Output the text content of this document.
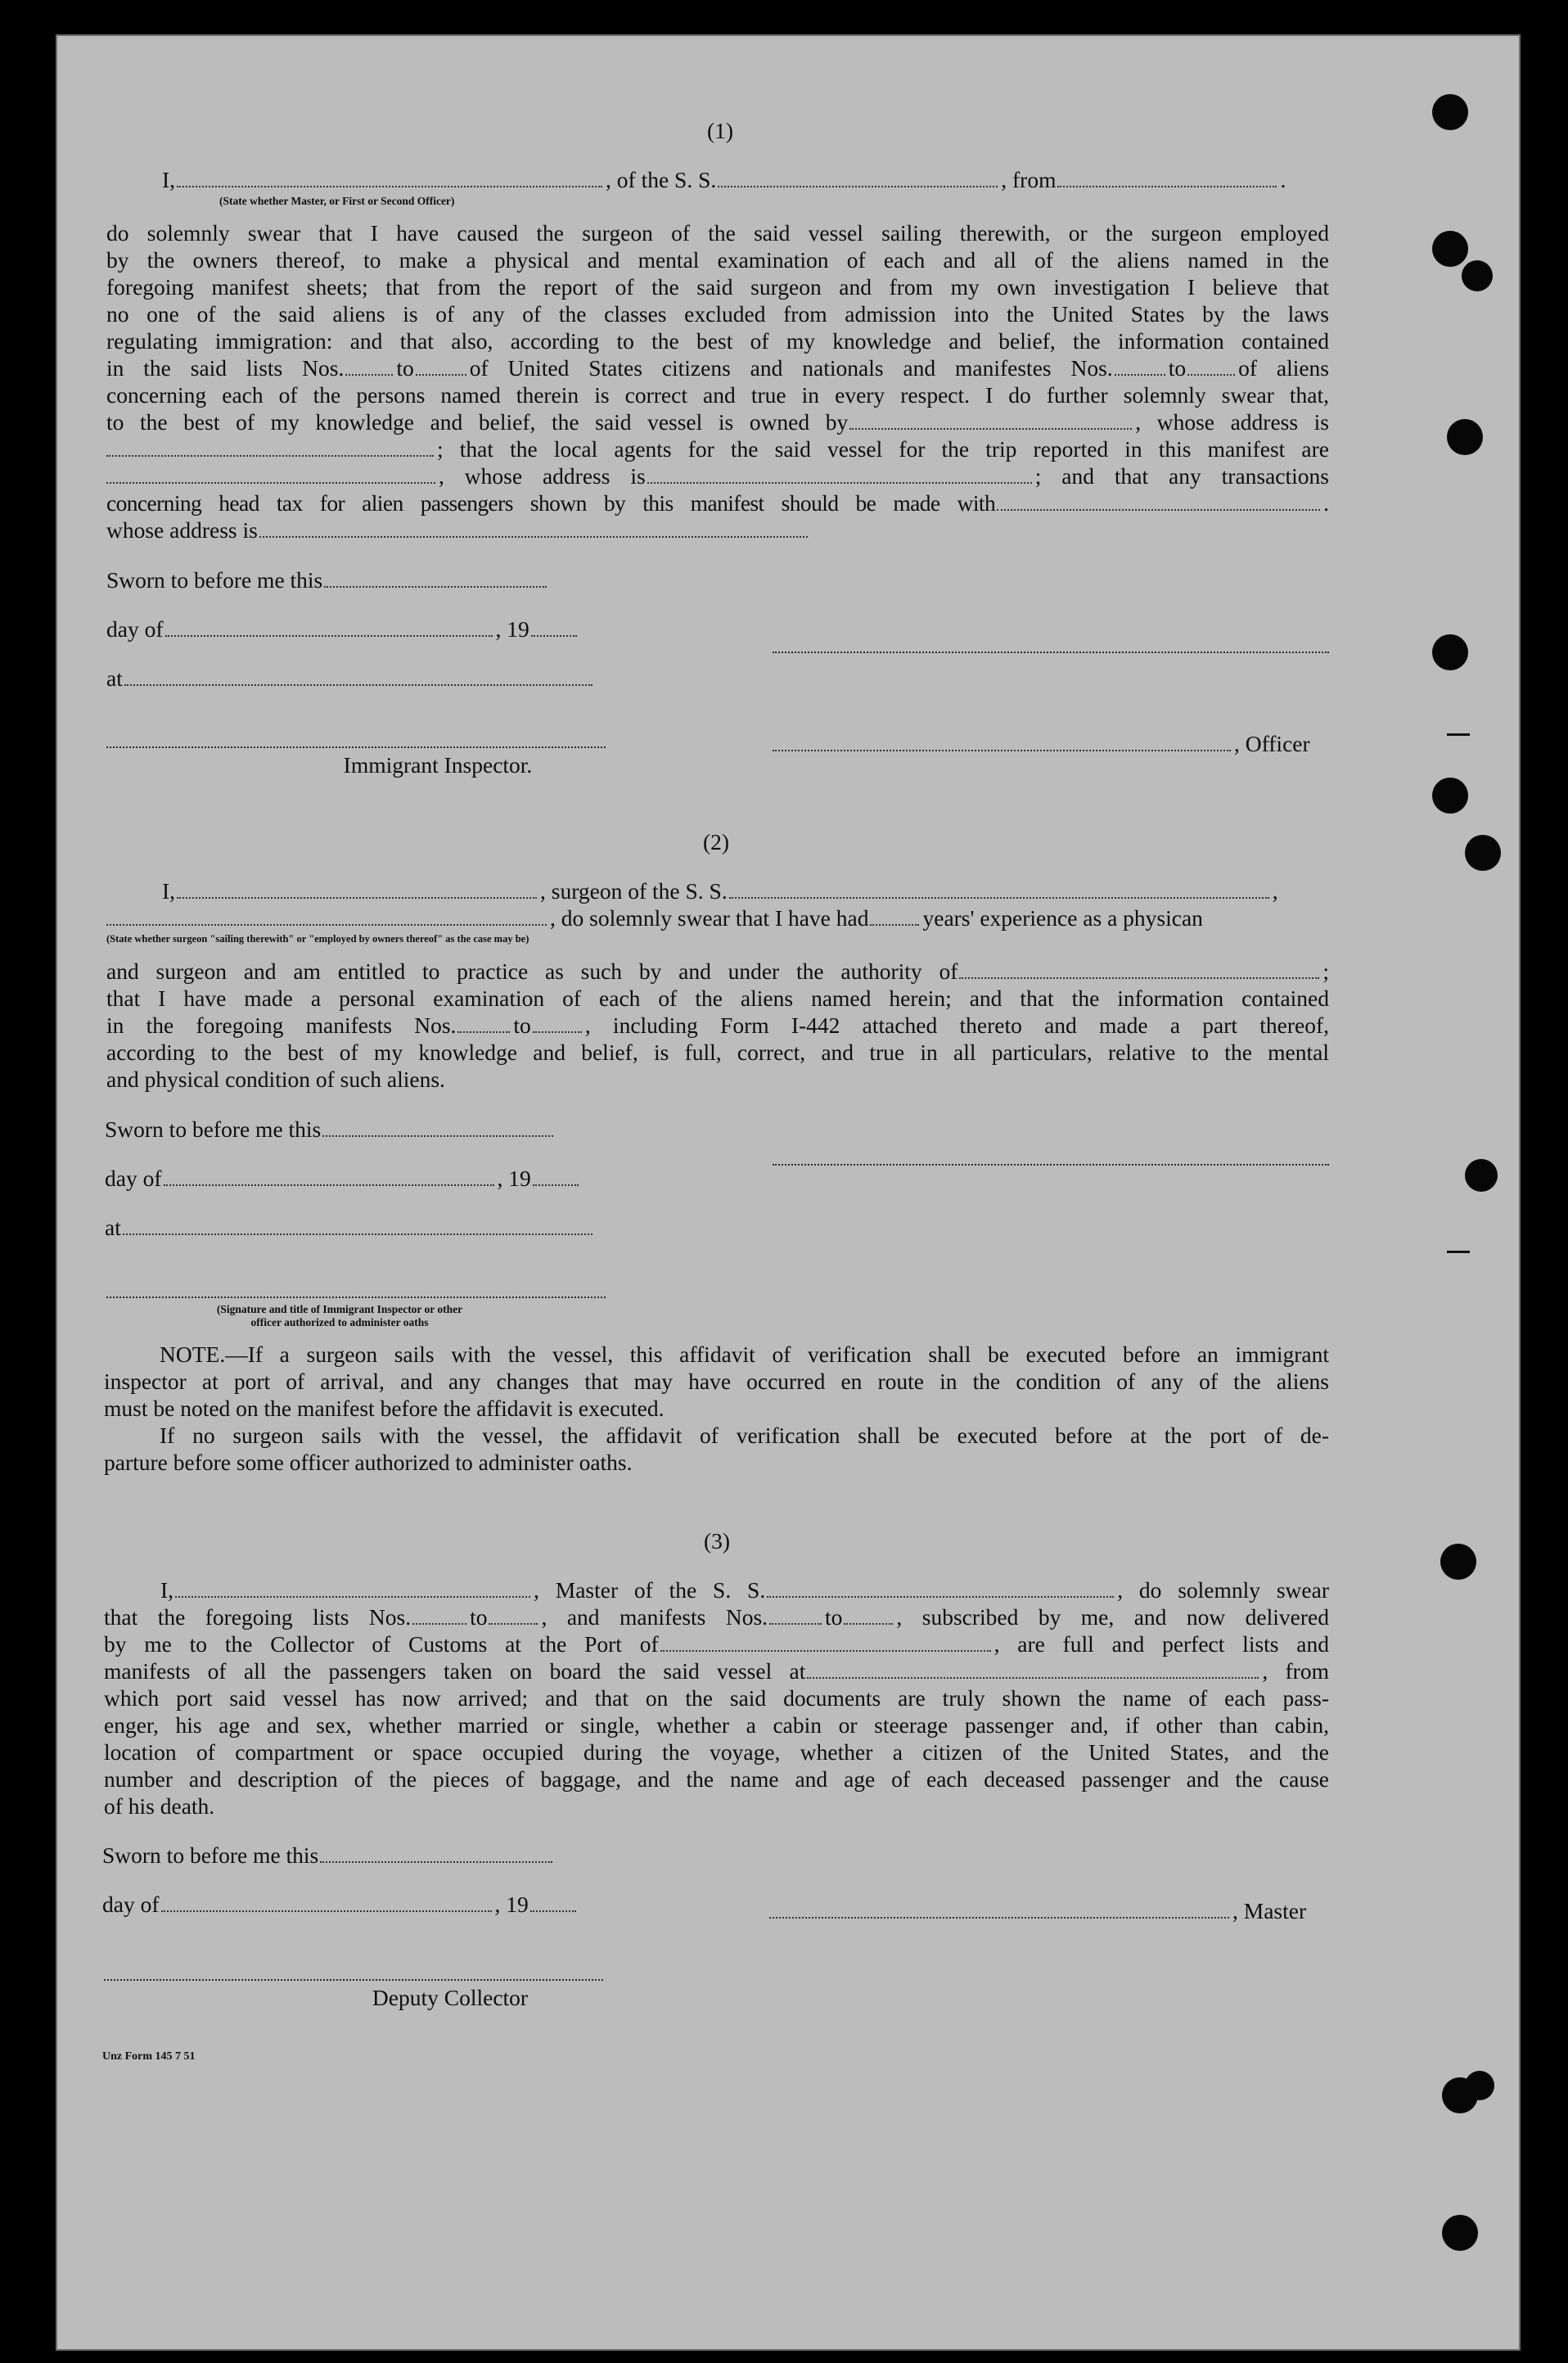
(1)
I,	, of the S. S.	, from	.
(State whether Master, or First or Second Officer)
do solemnly swear that I have caused the surgeon of the said vessel sailing therewith, or the surgeon employed
by the owners thereof, to make a physical and mental examination of each and all of the aliens named in the
foregoing manifest sheets; that from the report of the said surgeon and from my own investigation I believe that
no one of the said aliens is of any of the classes excluded from admission into the United States by the laws
regulating immigration: and that also, according to the best of my knowledge and belief, the information contained
in the said lists Nos. to of United States citizens and nationals and manifestes Nos. to of aliens
concerning each of the persons named therein is correct and true in every respect. I do further solemnly swear that,
to the best of my knowledge and belief, the said vessel is owned by	, whose address is
; that the local agents for the said vessel for the trip reported in this manifest are
, whose address is	; and that any transactions
concerning head tax for alien passengers shown by this manifest should be made with	.
whose address is
Sworn to before me this
day of	, 19
at
, Officer
Immigrant Inspector.
(2)
I,	, surgeon of the S. S.	,
, do solemnly swear that I have had years' experience as a physican
(State whether surgeon "sailing therewith" or "employed by owners thereof" as the case may be)
and surgeon and am entitled to practice as such by and under the authority of	;
that I have made a personal examination of each of the aliens named herein; and that the information contained
in the foregoing manifests Nos.	to , including Form I-442 attached thereto and made a part thereof,
according to the best of my knowledge and belief, is full, correct, and true in all particulars, relative to the mental
and physical condition of such aliens.
Sworn to before me this
day of	, 19
at
(Signature and title of Immigrant Inspector or other
officer authorized to administer oaths
NOTE.—If a surgeon sails with the vessel, this affidavit of verification shall be executed before an immigrant
inspector at port of arrival, and any changes that may have occurred en route in the condition of any of the aliens
must be noted on the manifest before the affidavit is executed.
If no surgeon sails with the vessel, the affidavit of verification shall be executed before at the port of de-
parture before some officer authorized to administer oaths.
(3)
I,	, Master of the S. S.	, do solemnly swear
that the foregoing lists Nos.	to , and manifests Nos.	to , subscribed by me, and now delivered
by me to the Collector of Customs at the Port of	, are full and perfect lists and
manifests of all the passengers taken on board the said vessel at	, from
which port said vessel has now arrived; and that on the said documents are truly shown the name of each pass-
enger, his age and sex, whether married or single, whether a cabin or steerage passenger and, if other than cabin,
location of compartment or space occupied during the voyage, whether a citizen of the United States, and the
number and description of the pieces of baggage, and the name and age of each deceased passenger and the cause
of his death.
Sworn to before me this
day of	, 19	, Master
Deputy Collector
Unz Form 145 7 51
